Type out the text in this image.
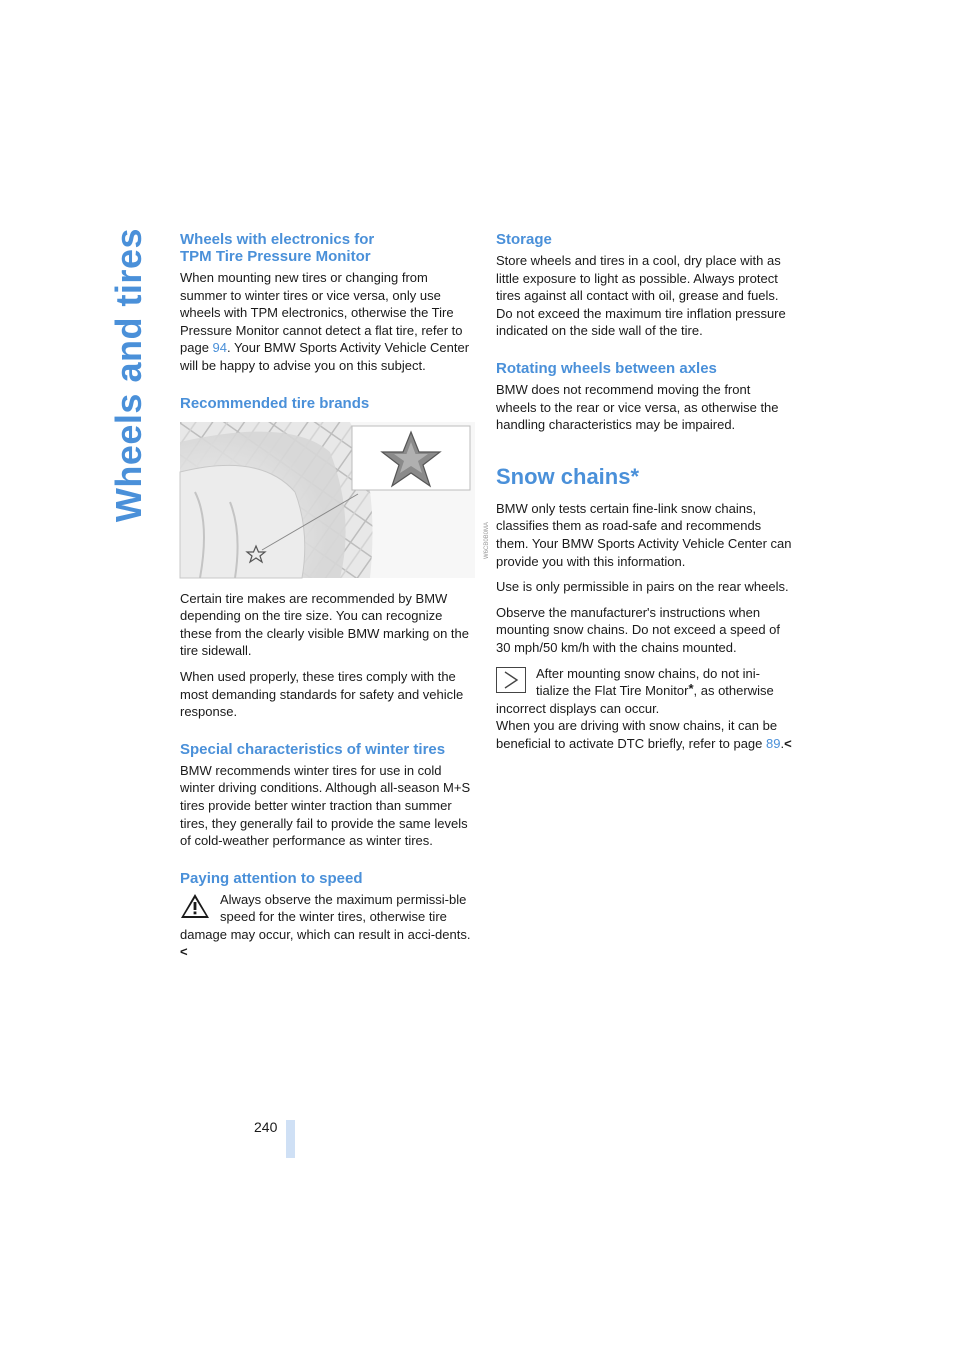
Wheels and tires
240
Wheels with electronics for
TPM Tire Pressure Monitor

When mounting new tires or changing from summer to winter tires or vice versa, only use wheels with TPM electronics, otherwise the Tire Pressure Monitor cannot detect a flat tire, refer to page 94. Your BMW Sports Activity Vehicle Center will be happy to advise you on this subject.

Recommended tire brands
W6CB0B0MA

Certain tire makes are recommended by BMW depending on the tire size. You can recognize these from the clearly visible BMW marking on the tire sidewall.

When used properly, these tires comply with the most demanding standards for safety and vehicle response.

Special characteristics of winter tires

BMW recommends winter tires for use in cold winter driving conditions. Although all-season M+S tires provide better winter traction than summer tires, they generally fail to provide the same levels of cold-weather performance as winter tires.

Paying attention to speed
Always observe the maximum permissi-ble speed for the winter tires, otherwise tire damage may occur, which can result in acci-dents.<
Storage

Store wheels and tires in a cool, dry place with as little exposure to light as possible. Always protect tires against all contact with oil, grease and fuels. Do not exceed the maximum tire inflation pressure indicated on the side wall of the tire.

Rotating wheels between axles

BMW does not recommend moving the front wheels to the rear or vice versa, as otherwise the handling characteristics may be impaired.

Snow chains*

BMW only tests certain fine-link snow chains, classifies them as road-safe and recommends them. Your BMW Sports Activity Vehicle Center can provide you with this information.

Use is only permissible in pairs on the rear wheels.

Observe the manufacturer's instructions when mounting snow chains. Do not exceed a speed of 30 mph/50 km/h with the chains mounted.

After mounting snow chains, do not ini-tialize the Flat Tire Monitor*, as otherwise incorrect displays can occur.
When you are driving with snow chains, it can be beneficial to activate DTC briefly, refer to page 89.<
